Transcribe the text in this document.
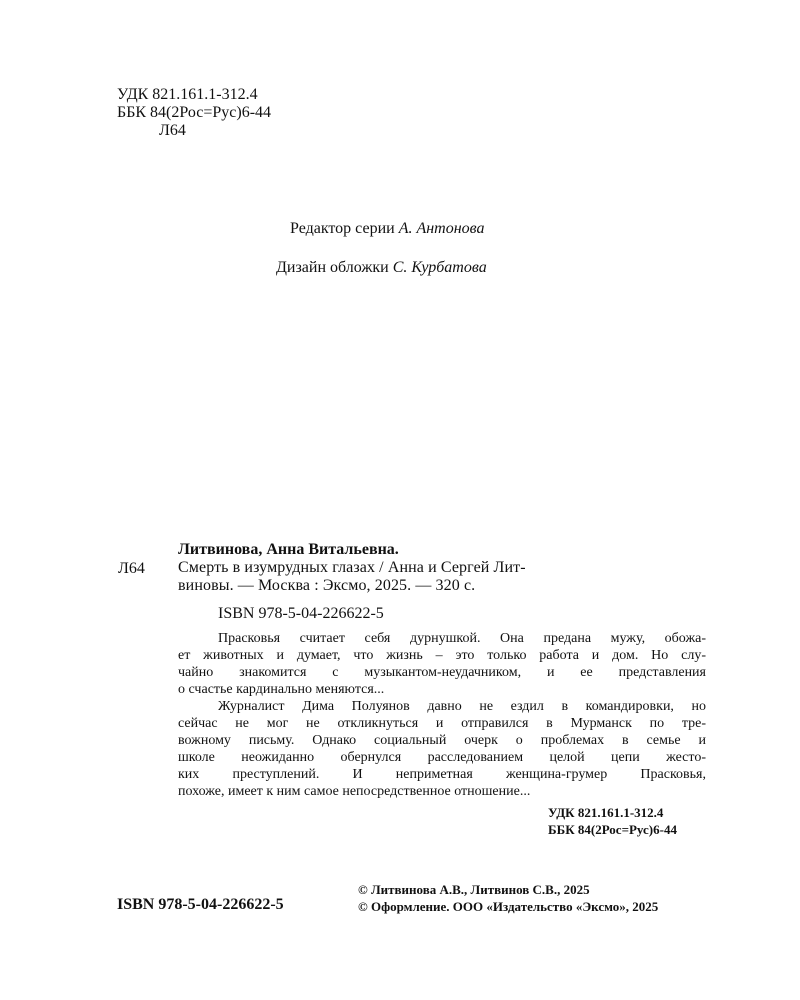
УДК 821.161.1-312.4
ББК 84(2Рос=Рус)6-44
Л64
Редактор серии А. Антонова
Дизайн обложки С. Курбатова
Литвинова, Анна Витальевна.
Л64 Смерть в изумрудных глазах / Анна и Сергей Лит-
виновы. — Москва : Эксмо, 2025. — 320 с.
ISBN 978-5-04-226622-5
Прасковья считает себя дурнушкой. Она предана мужу, обожа-
ет животных и думает, что жизнь – это только работа и дом. Но слу-
чайно знакомится с музыкантом-неудачником, и ее представления
о счастье кардинально меняются...
Журналист Дима Полуянов давно не ездил в командировки, но
сейчас не мог не откликнуться и отправился в Мурманск по тре-
вожному письму. Однако социальный очерк о проблемах в семье и
школе неожиданно обернулся расследованием целой цепи жесто-
ких преступлений. И неприметная женщина-грумер Прасковья,
похоже, имеет к ним самое непосредственное отношение...
УДК 821.161.1-312.4
ББК 84(2Рос=Рус)6-44
ISBN 978-5-04-226622-5
© Литвинова А.В., Литвинов С.В., 2025
© Оформление. ООО «Издательство «Эксмо», 2025
